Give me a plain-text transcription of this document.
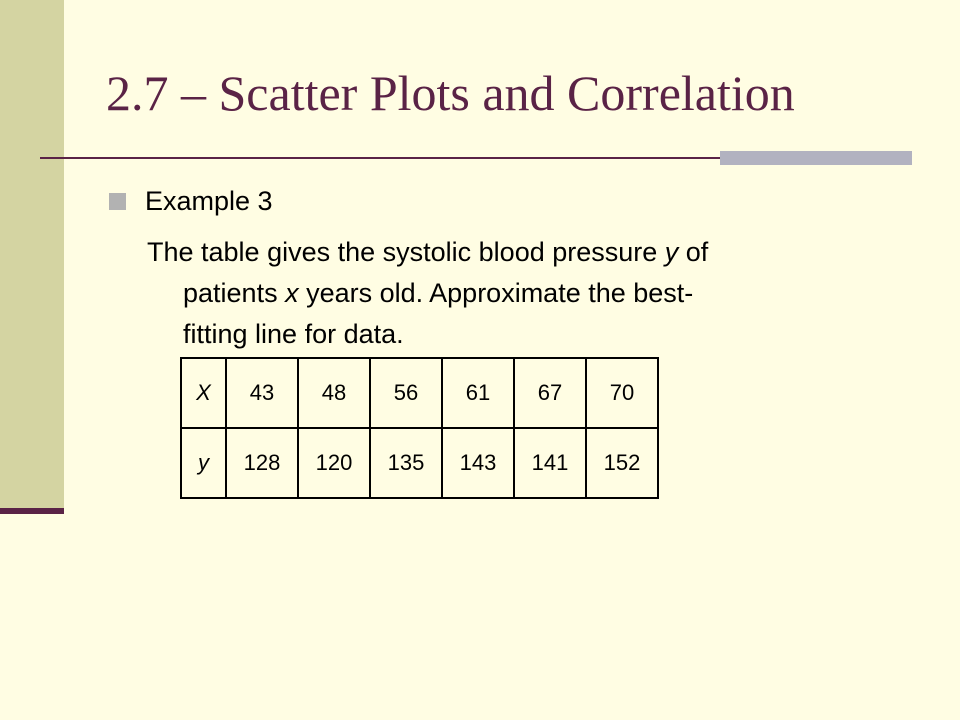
2.7 – Scatter Plots and Correlation
Example 3
The table gives the systolic blood pressure y of
patients x years old. Approximate the best-
fitting line for data.
X	43	48	56	61	67	70
y	128	120	135	143	141	152
